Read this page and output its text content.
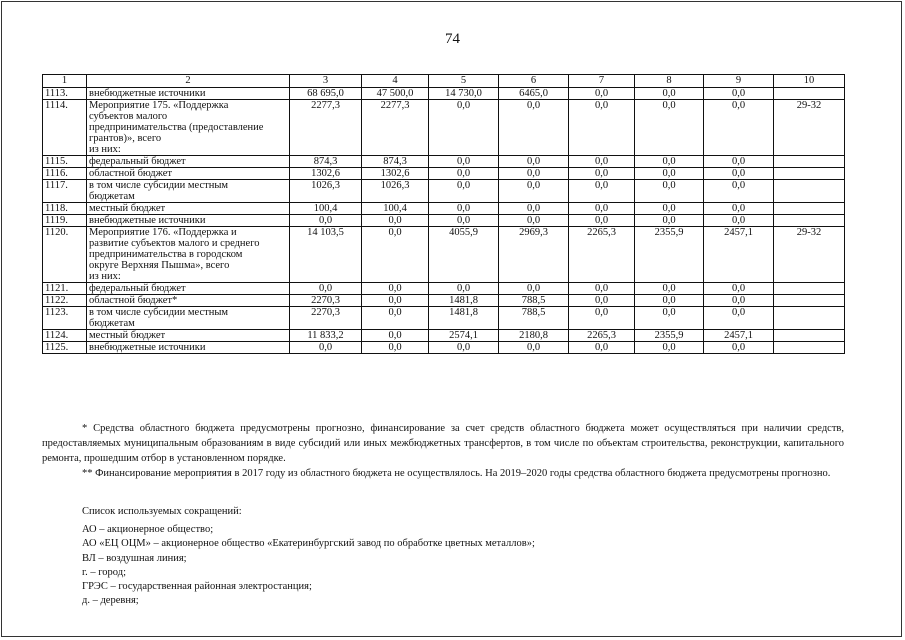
74
1	2	3	4	5	6	7	8	9	10
1113.	внебюджетные источники	68 695,0	47 500,0	14 730,0	6465,0	0,0	0,0	0,0	
1114.	Мероприятие 175. «Поддержка
субъектов малого
предпринимательства (предоставление
грантов)», всего
из них:	2277,3	2277,3	0,0	0,0	0,0	0,0	0,0	29-32
1115.	федеральный бюджет	874,3	874,3	0,0	0,0	0,0	0,0	0,0	
1116.	областной бюджет	1302,6	1302,6	0,0	0,0	0,0	0,0	0,0	
1117.	в том числе субсидии местным
бюджетам	1026,3	1026,3	0,0	0,0	0,0	0,0	0,0	
1118.	местный бюджет	100,4	100,4	0,0	0,0	0,0	0,0	0,0	
1119.	внебюджетные источники	0,0	0,0	0,0	0,0	0,0	0,0	0,0	
1120.	Мероприятие 176. «Поддержка и
развитие субъектов малого и среднего
предпринимательства в городском
округе Верхняя Пышма», всего
из них:	14 103,5	0,0	4055,9	2969,3	2265,3	2355,9	2457,1	29-32
1121.	федеральный бюджет	0,0	0,0	0,0	0,0	0,0	0,0	0,0	
1122.	областной бюджет*	2270,3	0,0	1481,8	788,5	0,0	0,0	0,0	
1123.	в том числе субсидии местным
бюджетам	2270,3	0,0	1481,8	788,5	0,0	0,0	0,0	
1124.	местный бюджет	11 833,2	0,0	2574,1	2180,8	2265,3	2355,9	2457,1	
1125.	внебюджетные источники	0,0	0,0	0,0	0,0	0,0	0,0	0,0	

* Средства областного бюджета предусмотрены прогнозно, финансирование за счет средств областного бюджета может осуществляться при наличии средств, предоставляемых муниципальным образованиям в виде субсидий или иных межбюджетных трансфертов, в том числе по объектам строительства, реконструкции, капитального ремонта, прошедшим отбор в установленном порядке.

** Финансирование мероприятия в 2017 году из областного бюджета не осуществлялось. На 2019–2020 годы средства областного бюджета предусмотрены прогнозно.

Список используемых сокращений:
АО – акционерное общество;
АО «ЕЦ ОЦМ» – акционерное общество «Екатеринбургский завод по обработке цветных металлов»;
ВЛ – воздушная линия;
г. – город;
ГРЭС – государственная районная электростанция;
д. – деревня;
